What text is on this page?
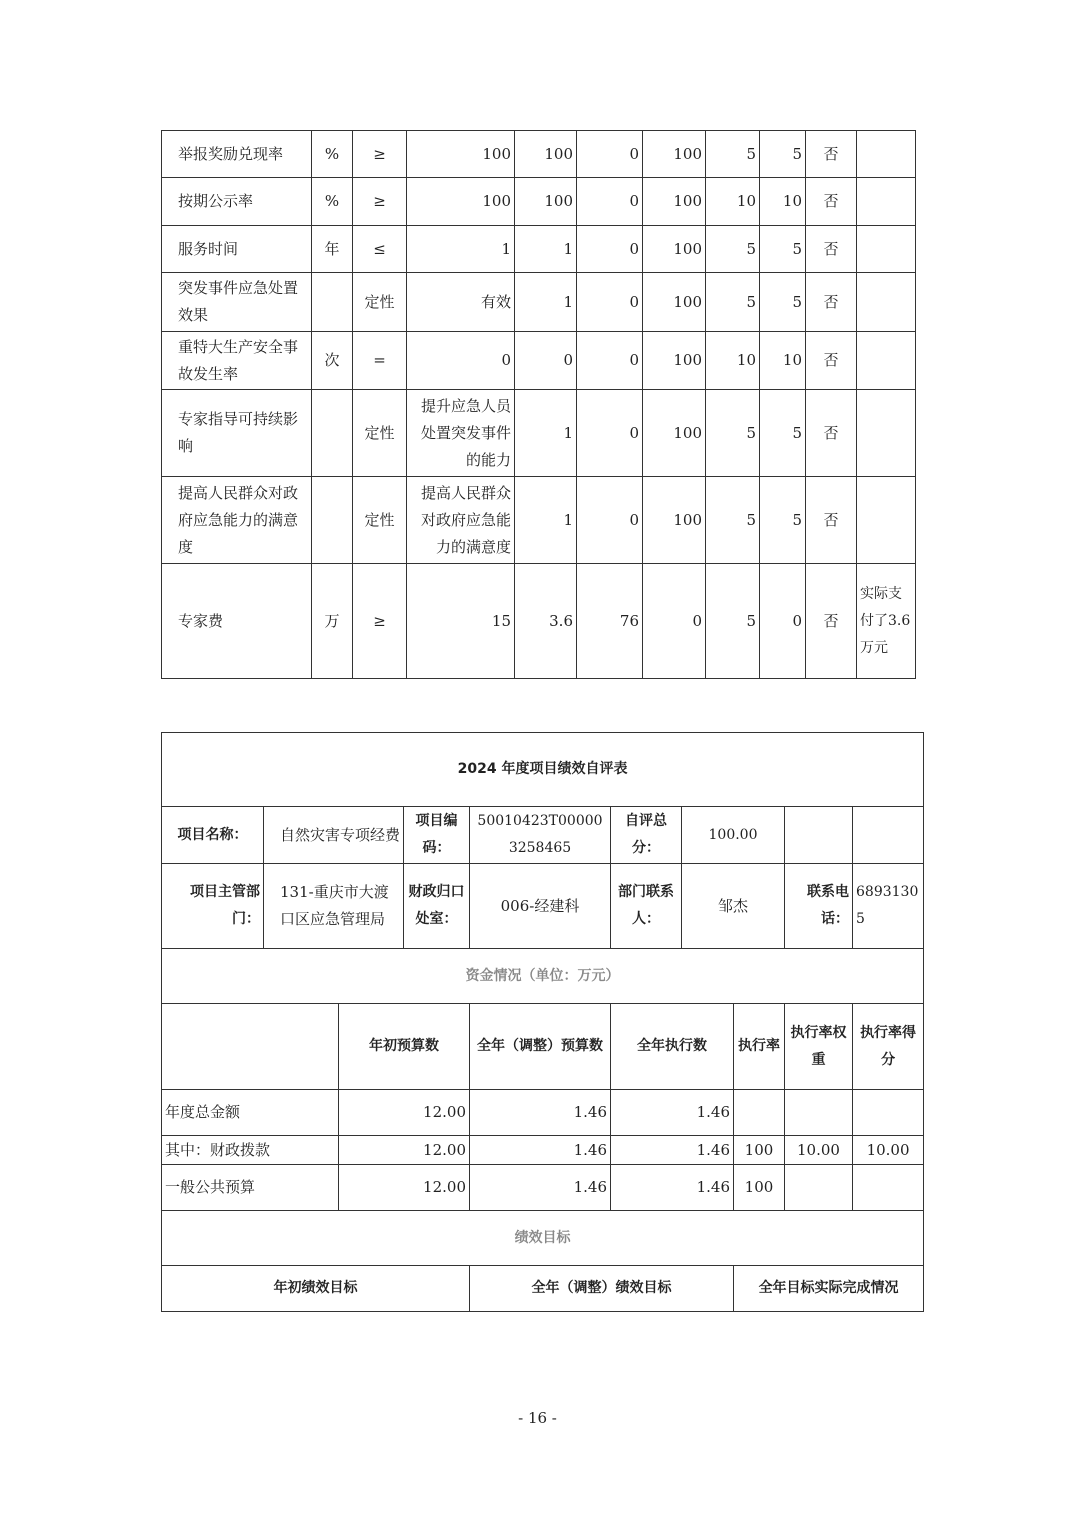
举报奖励兑现率	%	≥	100	100	0	100	5	5	否	
按期公示率	%	≥	100	100	0	100	10	10	否	
服务时间	年	≤	1	1	0	100	5	5	否	
突发事件应急处置效果		定性	有效	1	0	100	5	5	否	
重特大生产安全事故发生率	次	=	0	0	0	100	10	10	否	
专家指导可持续影响		定性	提升应急人员处置突发事件的能力	1	0	100	5	5	否	
提高人民群众对政府应急能力的满意度		定性	提高人民群众对政府应急能力的满意度	1	0	100	5	5	否	
专家费	万	≥	15	3.6	76	0	5	0	否	实际支付了3.6万元
2024 年度项目绩效自评表									
项目名称：	自然灾害专项经费		项目编码：	50010423T000003258465	自评总分：	100.00			
项目主管部门：	131-重庆市大渡口区应急管理局		财政归口处室：	006-经建科	部门联系人：	邹杰		联系电话：	68931305
资金情况（单位：万元）									
		年初预算数		全年（调整）预算数	全年执行数		执行率	执行率权重	执行率得分
年度总金额		12.00		1.46	1.46				
其中：财政拨款		12.00		1.46	1.46		100	10.00	10.00
一般公共预算		12.00		1.46	1.46		100		
绩效目标									
年初绩效目标				全年（调整）绩效目标			全年目标实际完成情况		
- 16 -
